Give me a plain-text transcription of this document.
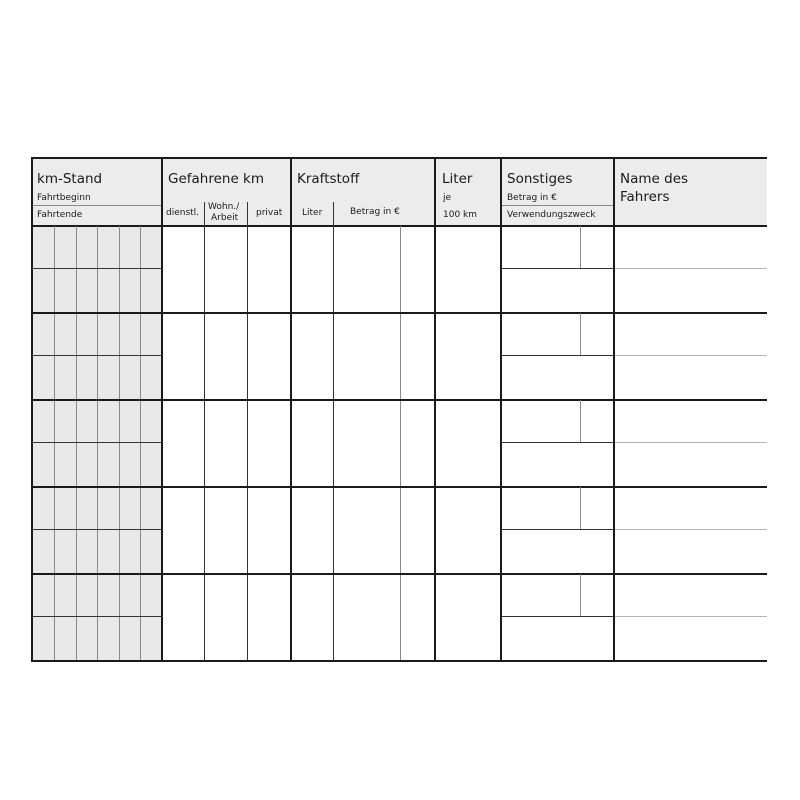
km-Stand
Fahrtbeginn
Fahrtende
Gefahrene km
dienstl.
Wohn./
Arbeit privat
Kraftstoff
Liter	Betrag in €
Liter
je
100 km
Sonstiges
Betrag in €
Verwendungszweck
Name des
Fahrers
